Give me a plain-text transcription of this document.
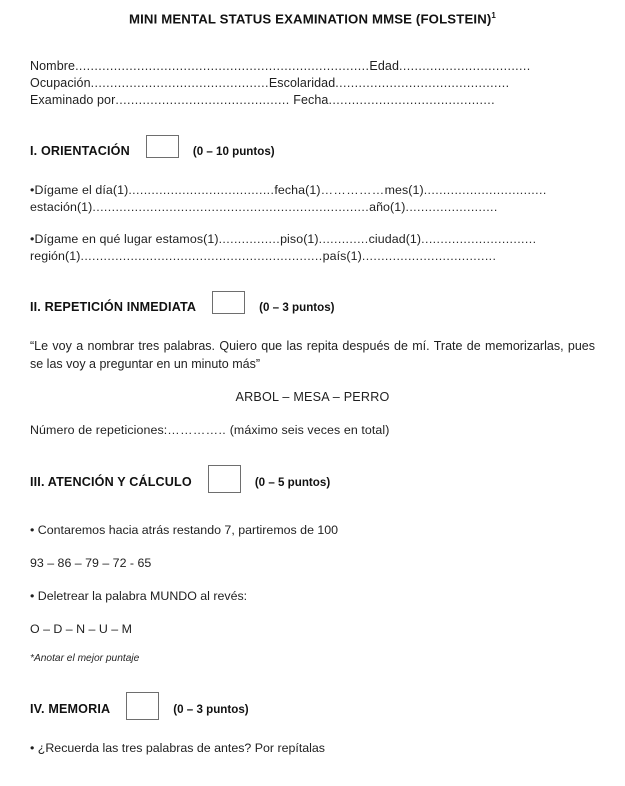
MINI MENTAL STATUS EXAMINATION MMSE (FOLSTEIN)$^1$
Nombre............................................................................Edad..................................
Ocupación..............................................Escolaridad.............................................
Examinado por............................................. Fecha...........................................
I. ORIENTACIÓN	(0 – 10 puntos)
•Dígame el día(1)......................................fecha(1)……………mes(1)................................
estación(1)........................................................................año(1)........................
•Dígame en qué lugar estamos(1)................piso(1).............ciudad(1)..............................
región(1)...............................................................país(1)...................................
II. REPETICIÓN INMEDIATA	(0 – 3 puntos)
“Le voy a nombrar tres palabras. Quiero que las repita después de mí. Trate de memorizarlas, pues se las voy a preguntar en un minuto más”
ARBOL – MESA – PERRO
Número de repeticiones:………….. (máximo seis veces en total)
III. ATENCIÓN Y CÁLCULO	(0 – 5 puntos)
• Contaremos hacia atrás restando 7, partiremos de 100
93 – 86 – 79 – 72 - 65
• Deletrear la palabra MUNDO al revés:
O – D – N – U – M
*Anotar el mejor puntaje
IV. MEMORIA	(0 – 3 puntos)
• ¿Recuerda las tres palabras de antes? Por repítalas
